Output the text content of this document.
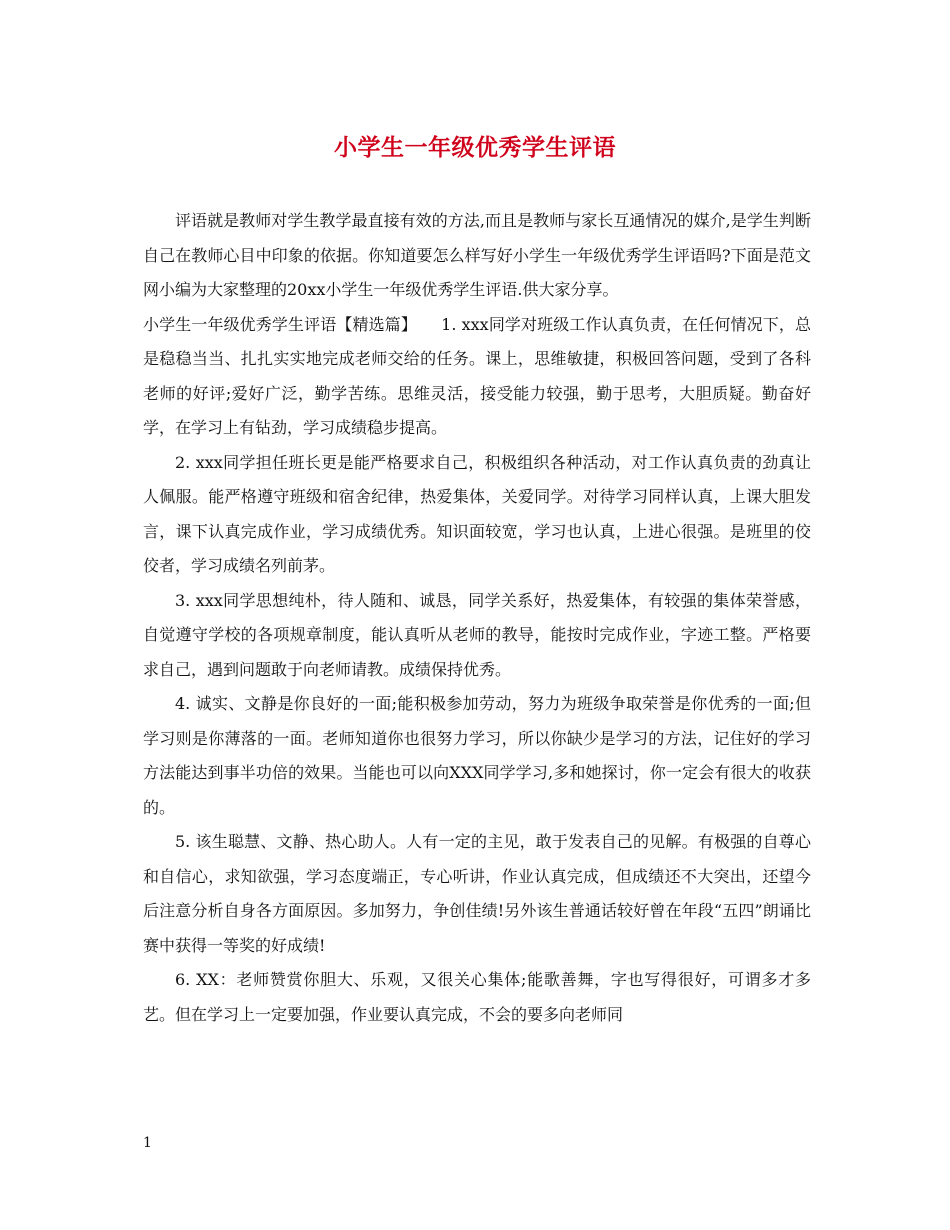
小学生一年级优秀学生评语

评语就是教师对学生教学最直接有效的方法,而且是教师与家长互通情况的媒介,是学生判断自己在教师心目中印象的依据。你知道要怎么样写好小学生一年级优秀学生评语吗?下面是范文网小编为大家整理的20xx小学生一年级优秀学生评语.供大家分享。

小学生一年级优秀学生评语【精选篇】　　1. xxx同学对班级工作认真负责，在任何情况下，总是稳稳当当、扎扎实实地完成老师交给的任务。课上，思维敏捷，积极回答问题，受到了各科老师的好评;爱好广泛，勤学苦练。思维灵活，接受能力较强，勤于思考，大胆质疑。勤奋好学，在学习上有钻劲，学习成绩稳步提高。

2. xxx同学担任班长更是能严格要求自己，积极组织各种活动，对工作认真负责的劲真让人佩服。能严格遵守班级和宿舍纪律，热爱集体，关爱同学。对待学习同样认真，上课大胆发言，课下认真完成作业，学习成绩优秀。知识面较宽，学习也认真，上进心很强。是班里的佼佼者，学习成绩名列前茅。

3. xxx同学思想纯朴，待人随和、诚恳，同学关系好，热爱集体，有较强的集体荣誉感，自觉遵守学校的各项规章制度，能认真听从老师的教导，能按时完成作业，字迹工整。严格要求自己，遇到问题敢于向老师请教。成绩保持优秀。

4. 诚实、文静是你良好的一面;能积极参加劳动，努力为班级争取荣誉是你优秀的一面;但学习则是你薄落的一面。老师知道你也很努力学习，所以你缺少是学习的方法，记住好的学习方法能达到事半功倍的效果。当能也可以向XXX同学学习,多和她探讨，你一定会有很大的收获的。

5. 该生聪慧、文静、热心助人。人有一定的主见，敢于发表自己的见解。有极强的自尊心和自信心，求知欲强，学习态度端正，专心听讲，作业认真完成，但成绩还不大突出，还望今后注意分析自身各方面原因。多加努力，争创佳绩!另外该生普通话较好曾在年段“五四”朗诵比赛中获得一等奖的好成绩!

6. XX：老师赞赏你胆大、乐观，又很关心集体;能歌善舞，字也写得很好，可谓多才多艺。但在学习上一定要加强，作业要认真完成，不会的要多向老师同

1
